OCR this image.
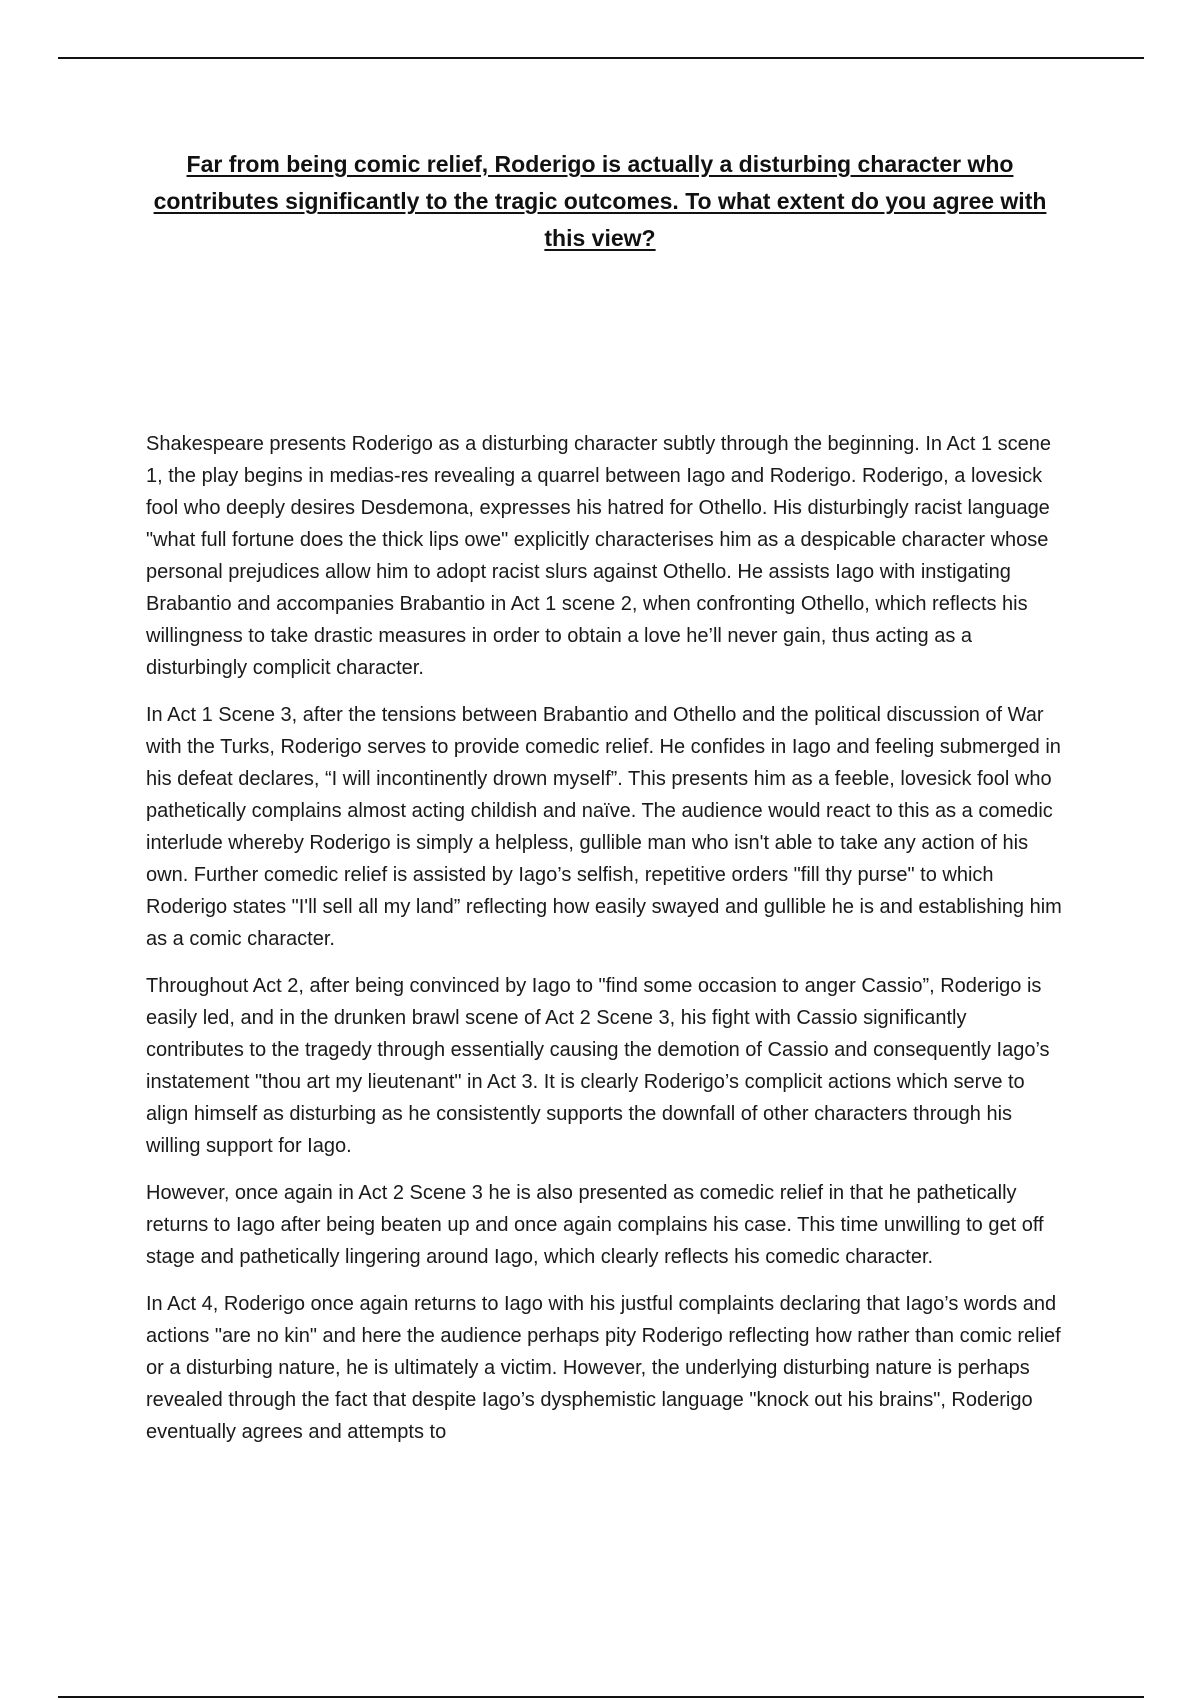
Far from being comic relief, Roderigo is actually a disturbing character who contributes significantly to the tragic outcomes. To what extent do you agree with this view?

Shakespeare presents Roderigo as a disturbing character subtly through the beginning. In Act 1 scene 1, the play begins in medias-res revealing a quarrel between Iago and Roderigo. Roderigo, a lovesick fool who deeply desires Desdemona, expresses his hatred for Othello. His disturbingly racist language "what full fortune does the thick lips owe" explicitly characterises him as a despicable character whose personal prejudices allow him to adopt racist slurs against Othello. He assists Iago with instigating Brabantio and accompanies Brabantio in Act 1 scene 2, when confronting Othello, which reflects his willingness to take drastic measures in order to obtain a love he’ll never gain, thus acting as a disturbingly complicit character.

In Act 1 Scene 3, after the tensions between Brabantio and Othello and the political discussion of War with the Turks, Roderigo serves to provide comedic relief. He confides in Iago and feeling submerged in his defeat declares, “I will incontinently drown myself”. This presents him as a feeble, lovesick fool who pathetically complains almost acting childish and naïve. The audience would react to this as a comedic interlude whereby Roderigo is simply a helpless, gullible man who isn't able to take any action of his own. Further comedic relief is assisted by Iago’s selfish, repetitive orders "fill thy purse" to which Roderigo states "I'll sell all my land” reflecting how easily swayed and gullible he is and establishing him as a comic character.

Throughout Act 2, after being convinced by Iago to "find some occasion to anger Cassio”, Roderigo is easily led, and in the drunken brawl scene of Act 2 Scene 3, his fight with Cassio significantly contributes to the tragedy through essentially causing the demotion of Cassio and consequently Iago’s instatement "thou art my lieutenant" in Act 3. It is clearly Roderigo’s complicit actions which serve to align himself as disturbing as he consistently supports the downfall of other characters through his willing support for Iago.

However, once again in Act 2 Scene 3 he is also presented as comedic relief in that he pathetically returns to Iago after being beaten up and once again complains his case. This time unwilling to get off stage and pathetically lingering around Iago, which clearly reflects his comedic character.

In Act 4, Roderigo once again returns to Iago with his justful complaints declaring that Iago’s words and actions "are no kin" and here the audience perhaps pity Roderigo reflecting how rather than comic relief or a disturbing nature, he is ultimately a victim. However, the underlying disturbing nature is perhaps revealed through the fact that despite Iago’s dysphemistic language "knock out his brains", Roderigo eventually agrees and attempts to
